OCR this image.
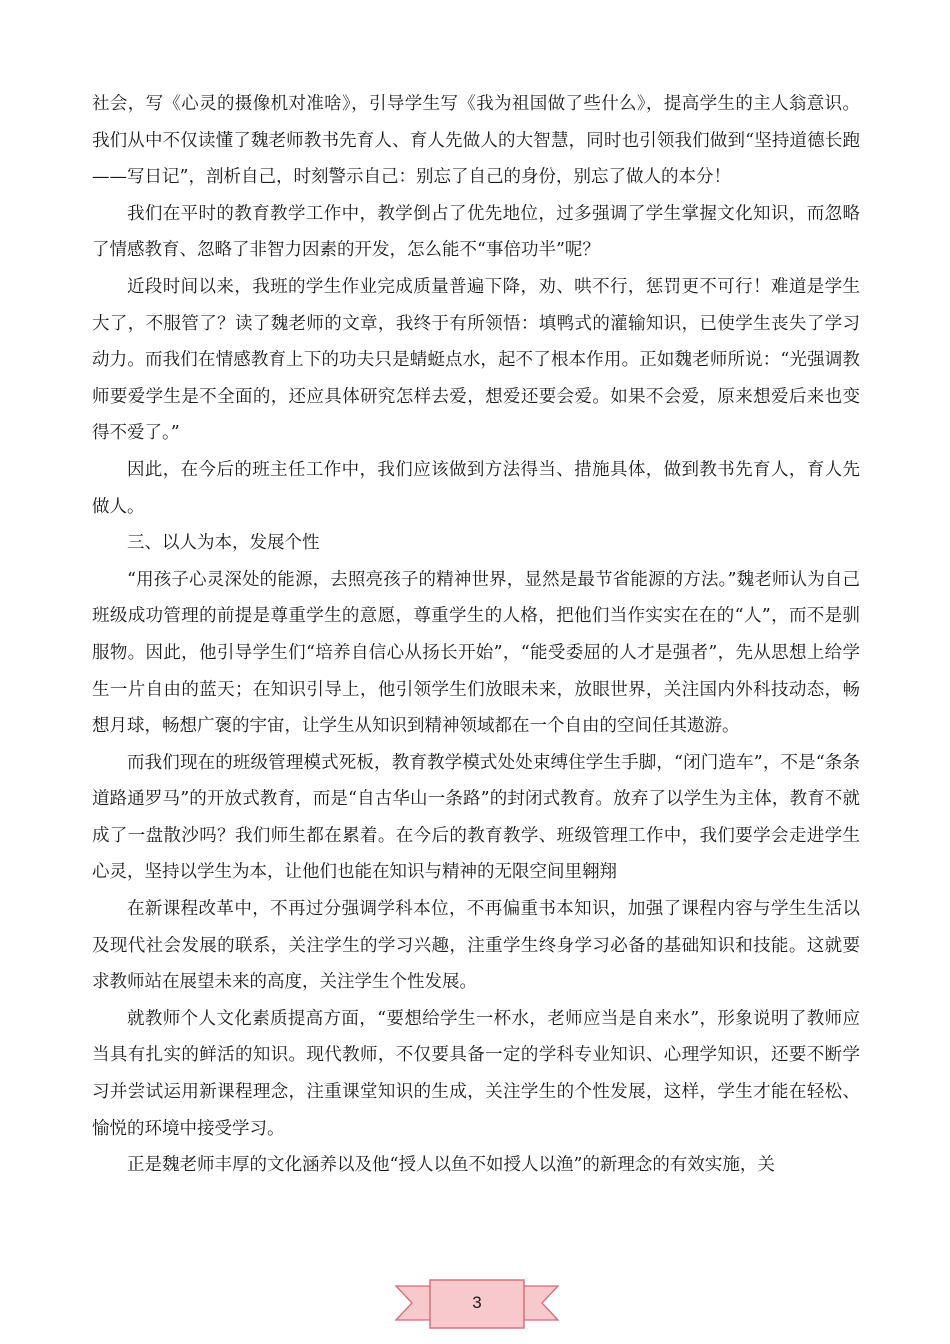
社会，写《心灵的摄像机对准啥》，引导学生写《我为祖国做了些什么》，提高学生的主人翁意识。我们从中不仅读懂了魏老师教书先育人、育人先做人的大智慧，同时也引领我们做到“坚持道德长跑——写日记”，剖析自己，时刻警示自己：别忘了自己的身份，别忘了做人的本分！

我们在平时的教育教学工作中，教学倒占了优先地位，过多强调了学生掌握文化知识，而忽略了情感教育、忽略了非智力因素的开发，怎么能不“事倍功半”呢？

近段时间以来，我班的学生作业完成质量普遍下降，劝、哄不行，惩罚更不可行！难道是学生大了，不服管了？读了魏老师的文章，我终于有所领悟：填鸭式的灌输知识，已使学生丧失了学习动力。而我们在情感教育上下的功夫只是蜻蜓点水，起不了根本作用。正如魏老师所说：“光强调教师要爱学生是不全面的，还应具体研究怎样去爱，想爱还要会爱。如果不会爱，原来想爱后来也变得不爱了。”

因此，在今后的班主任工作中，我们应该做到方法得当、措施具体，做到教书先育人，育人先做人。

三、以人为本，发展个性

“用孩子心灵深处的能源，去照亮孩子的精神世界，显然是最节省能源的方法。”魏老师认为自己班级成功管理的前提是尊重学生的意愿，尊重学生的人格，把他们当作实实在在的“人”，而不是驯服物。因此，他引导学生们“培养自信心从扬长开始”，“能受委屈的人才是强者”，先从思想上给学生一片自由的蓝天；在知识引导上，他引领学生们放眼未来，放眼世界，关注国内外科技动态，畅想月球，畅想广褒的宇宙，让学生从知识到精神领域都在一个自由的空间任其遨游。

而我们现在的班级管理模式死板，教育教学模式处处束缚住学生手脚，“闭门造车”，不是“条条道路通罗马”的开放式教育，而是“自古华山一条路”的封闭式教育。放弃了以学生为主体，教育不就成了一盘散沙吗？我们师生都在累着。在今后的教育教学、班级管理工作中，我们要学会走进学生心灵，坚持以学生为本，让他们也能在知识与精神的无限空间里翱翔

在新课程改革中，不再过分强调学科本位，不再偏重书本知识，加强了课程内容与学生生活以及现代社会发展的联系，关注学生的学习兴趣，注重学生终身学习必备的基础知识和技能。这就要求教师站在展望未来的高度，关注学生个性发展。

就教师个人文化素质提高方面，“要想给学生一杯水，老师应当是自来水”，形象说明了教师应当具有扎实的鲜活的知识。现代教师，不仅要具备一定的学科专业知识、心理学知识，还要不断学习并尝试运用新课程理念，注重课堂知识的生成，关注学生的个性发展，这样，学生才能在轻松、愉悦的环境中接受学习。

正是魏老师丰厚的文化涵养以及他“授人以鱼不如授人以渔”的新理念的有效实施，关

3
